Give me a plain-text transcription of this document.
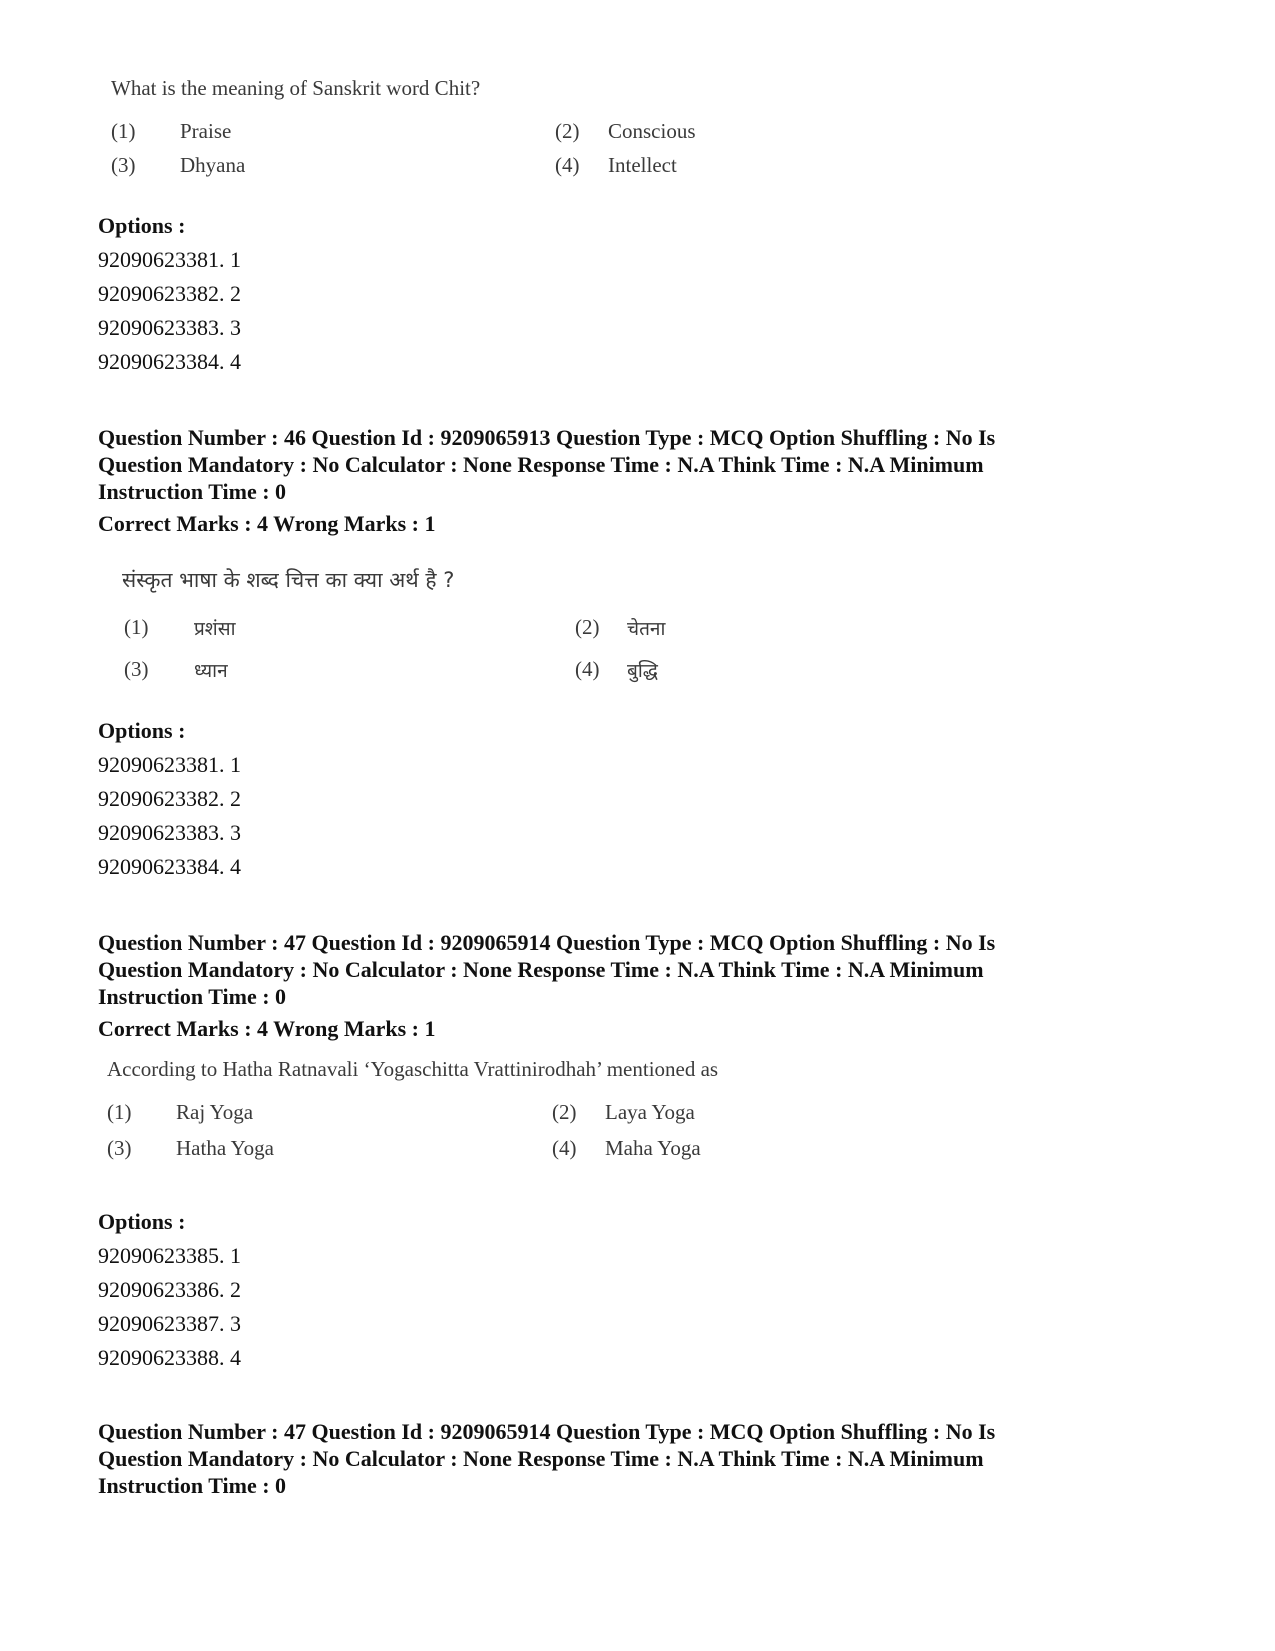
What is the meaning of Sanskrit word Chit?
(1) Praise	(2) Conscious
(3) Dhyana	(4) Intellect
Options :
92090623381. 1
92090623382. 2
92090623383. 3
92090623384. 4
Question Number : 46 Question Id : 9209065913 Question Type : MCQ Option Shuffling : No Is
Question Mandatory : No Calculator : None Response Time : N.A Think Time : N.A Minimum
Instruction Time : 0
Correct Marks : 4 Wrong Marks : 1
संस्कृत भाषा के शब्द चित्त का क्या अर्थ है ?
(1) प्रशंसा	(2) चेतना
(3) ध्यान	(4) बुद्धि
Options :
92090623381. 1
92090623382. 2
92090623383. 3
92090623384. 4
Question Number : 47 Question Id : 9209065914 Question Type : MCQ Option Shuffling : No Is
Question Mandatory : No Calculator : None Response Time : N.A Think Time : N.A Minimum
Instruction Time : 0
Correct Marks : 4 Wrong Marks : 1
According to Hatha Ratnavali ‘Yogaschitta Vrattinirodhah’ mentioned as
(1) Raj Yoga	(2) Laya Yoga
(3) Hatha Yoga	(4) Maha Yoga
Options :
92090623385. 1
92090623386. 2
92090623387. 3
92090623388. 4
Question Number : 47 Question Id : 9209065914 Question Type : MCQ Option Shuffling : No Is
Question Mandatory : No Calculator : None Response Time : N.A Think Time : N.A Minimum
Instruction Time : 0
